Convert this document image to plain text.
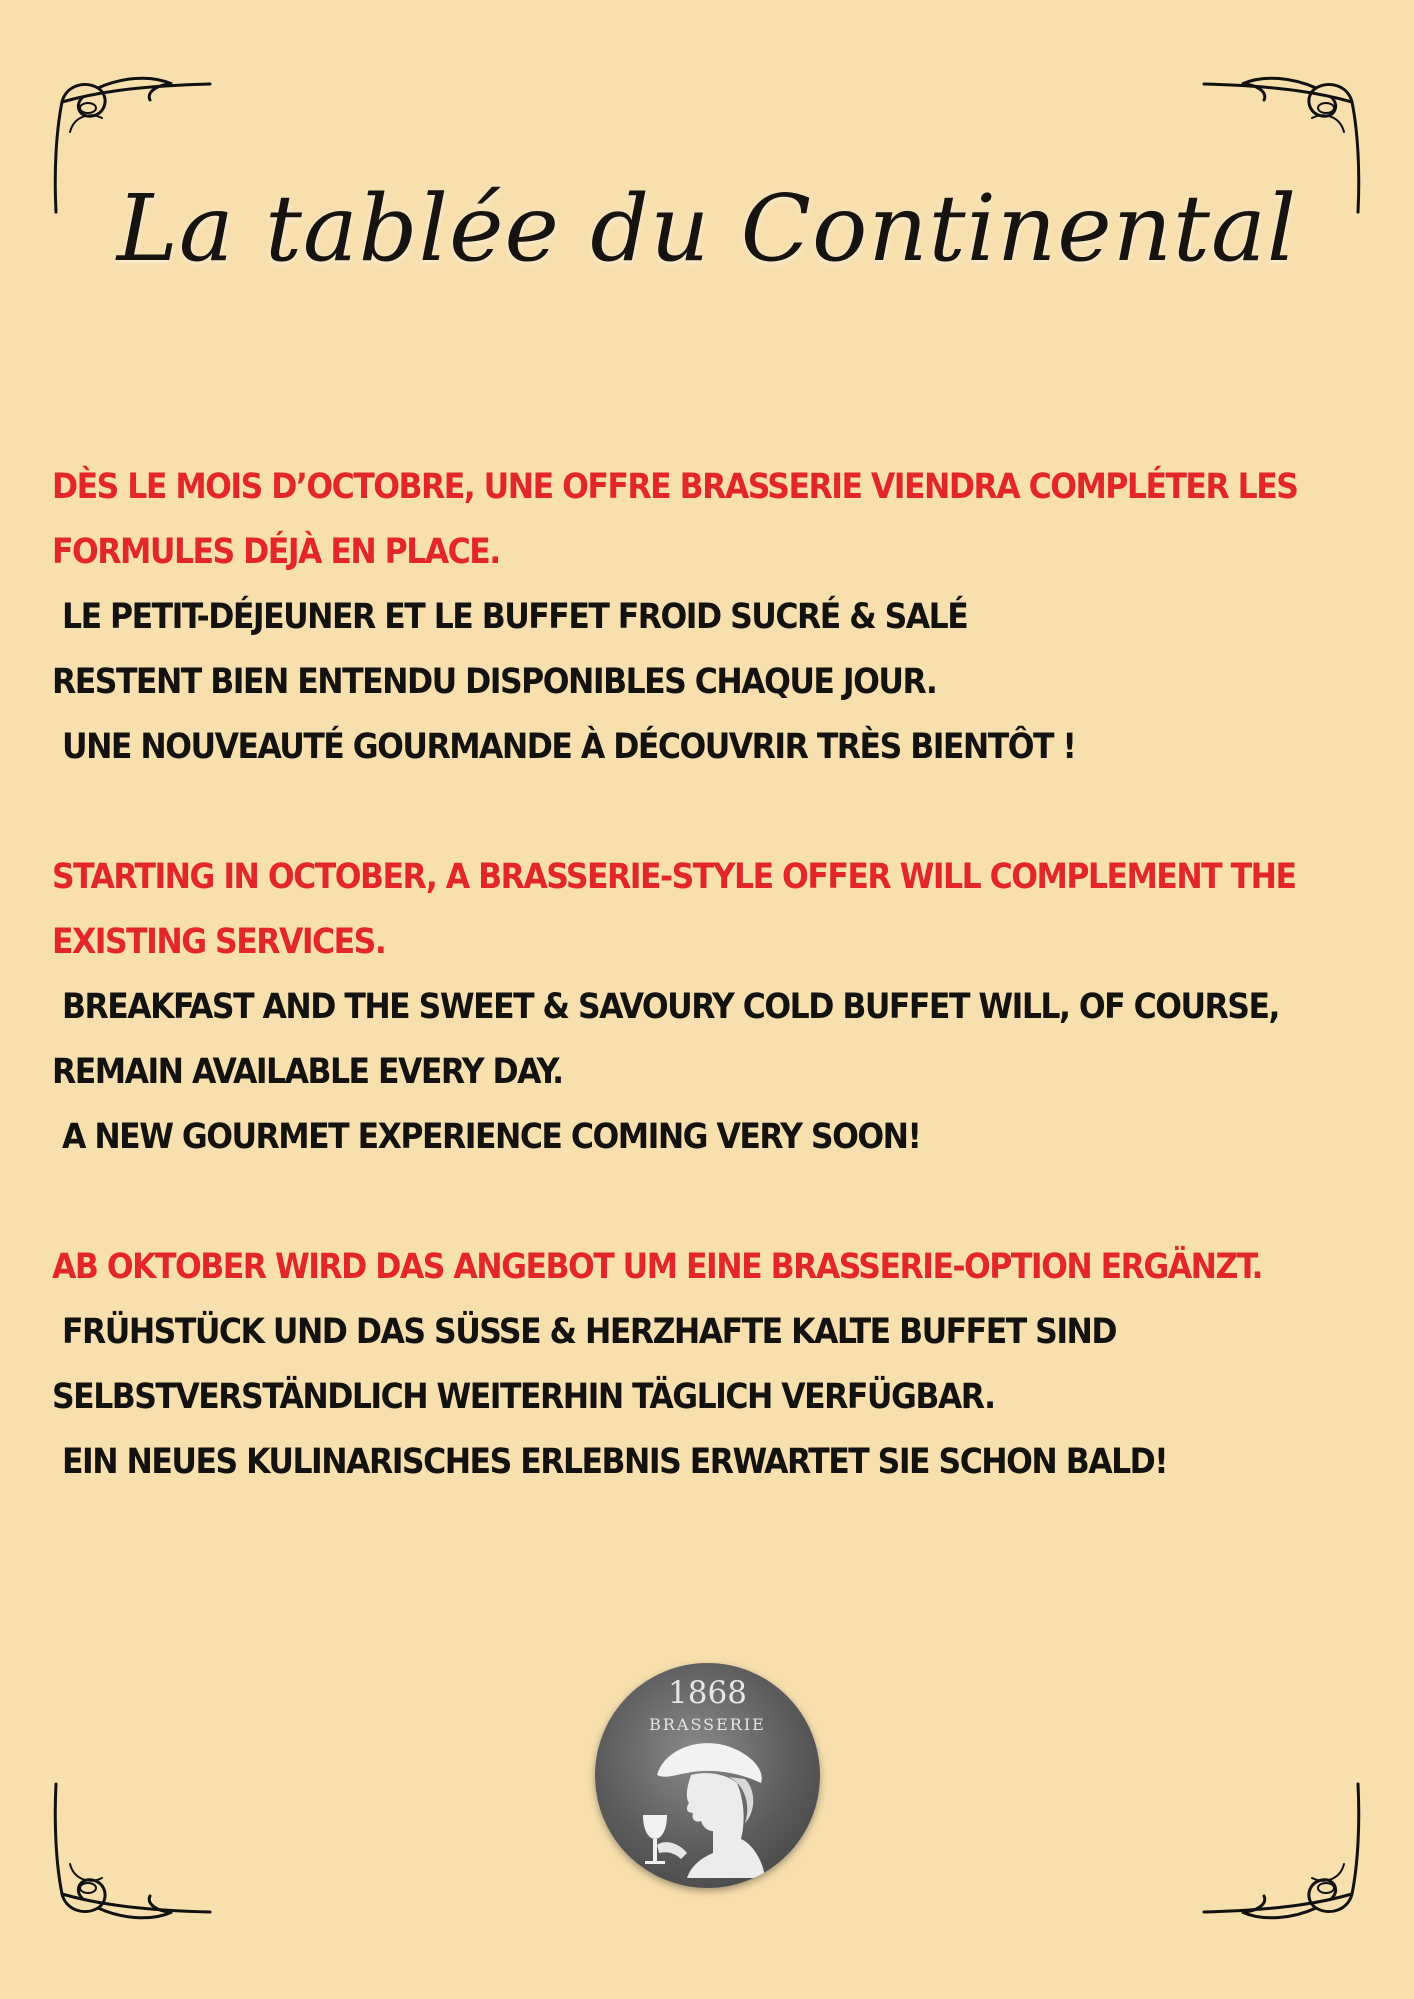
La tablée du Continental

DÈS LE MOIS D’OCTOBRE, UNE OFFRE BRASSERIE VIENDRA COMPLÉTER LES

FORMULES DÉJÀ EN PLACE.

LE PETIT-DÉJEUNER ET LE BUFFET FROID SUCRÉ & SALÉ

RESTENT BIEN ENTENDU DISPONIBLES CHAQUE JOUR.

UNE NOUVEAUTÉ GOURMANDE À DÉCOUVRIR TRÈS BIENTÔT !

STARTING IN OCTOBER, A BRASSERIE-STYLE OFFER WILL COMPLEMENT THE

EXISTING SERVICES.

BREAKFAST AND THE SWEET & SAVOURY COLD BUFFET WILL, OF COURSE,

REMAIN AVAILABLE EVERY DAY.

A NEW GOURMET EXPERIENCE COMING VERY SOON!

AB OKTOBER WIRD DAS ANGEBOT UM EINE BRASSERIE-OPTION ERGÄNZT.

FRÜHSTÜCK UND DAS SÜSSE & HERZHAFTE KALTE BUFFET SIND

SELBSTVERSTÄNDLICH WEITERHIN TÄGLICH VERFÜGBAR.

EIN NEUES KULINARISCHES ERLEBNIS ERWARTET SIE SCHON BALD!

1868
BRASSERIE
